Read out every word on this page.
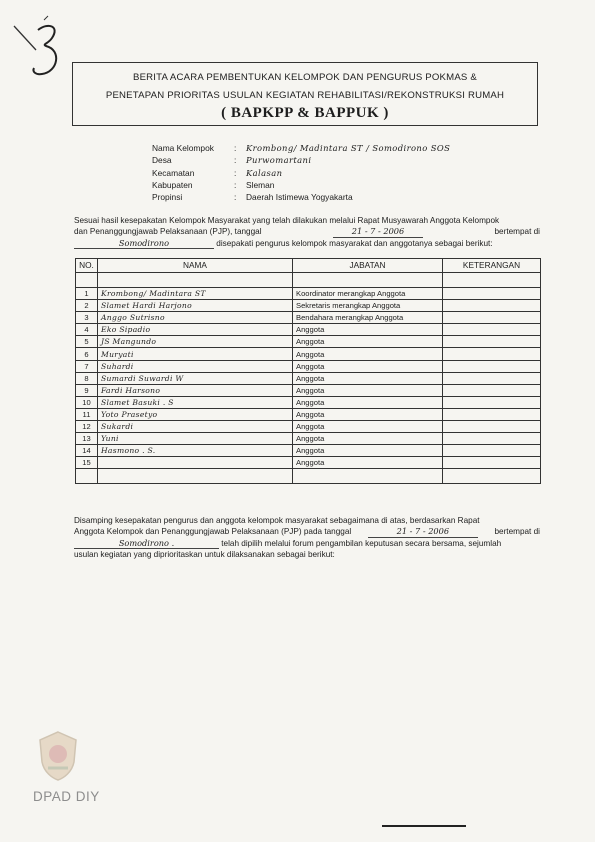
BERITA ACARA PEMBENTUKAN KELOMPOK DAN PENGURUS POKMAS &
PENETAPAN PRIORITAS USULAN KEGIATAN REHABILITASI/REKONSTRUKSI RUMAH
( BAPKPP & BAPPUK )
Nama Kelompok	:	Krombong/ Madintara ST / Somodirono SOS
Desa	:	Purwomartani
Kecamatan	:	Kalasan
Kabupaten	:	Sleman
Propinsi	:	Daerah Istimewa Yogyakarta
Sesuai hasil kesepakatan Kelompok Masyarakat yang telah dilakukan melalui Rapat Musyawarah Anggota Kelompok
dan Penanggungjawab Pelaksanaan (PJP), tanggal	21 - 7 - 2006	bertempat di
Somodirono	disepakati pengurus kelompok masyarakat dan anggotanya sebagai berikut:
NO.	NAMA	JABATAN	KETERANGAN

1	Krombong/ Madintara ST	Koordinator merangkap Anggota	
2	Slamet Hardi Harjono	Sekretaris merangkap Anggota	
3	Anggo Sutrisno	Bendahara merangkap Anggota	
4	Eko Sipadio	Anggota	
5	JS Mangundo	Anggota	
6	Muryati	Anggota	
7	Suhardi	Anggota	
8	Sumardi Suwardi W	Anggota	
9	Fardi Harsono	Anggota	
10	Slamet Basuki . S	Anggota	
11	Yoto Prasetyo	Anggota	
12	Sukardi	Anggota	
13	Yuni	Anggota	
14	Hasmono . S.	Anggota	
15		Anggota	

Disamping kesepakatan pengurus dan anggota kelompok masyarakat sebagaimana di atas, berdasarkan Rapat
Anggota Kelompok dan Penanggungjawab Pelaksanaan (PJP) pada tanggal	21 - 7 - 2006	bertempat di
Somodirono .	telah dipilih melalui forum pengambilan keputusan secara bersama, sejumlah
usulan kegiatan yang diprioritaskan untuk dilaksanakan sebagai berikut:
DPAD DIY
